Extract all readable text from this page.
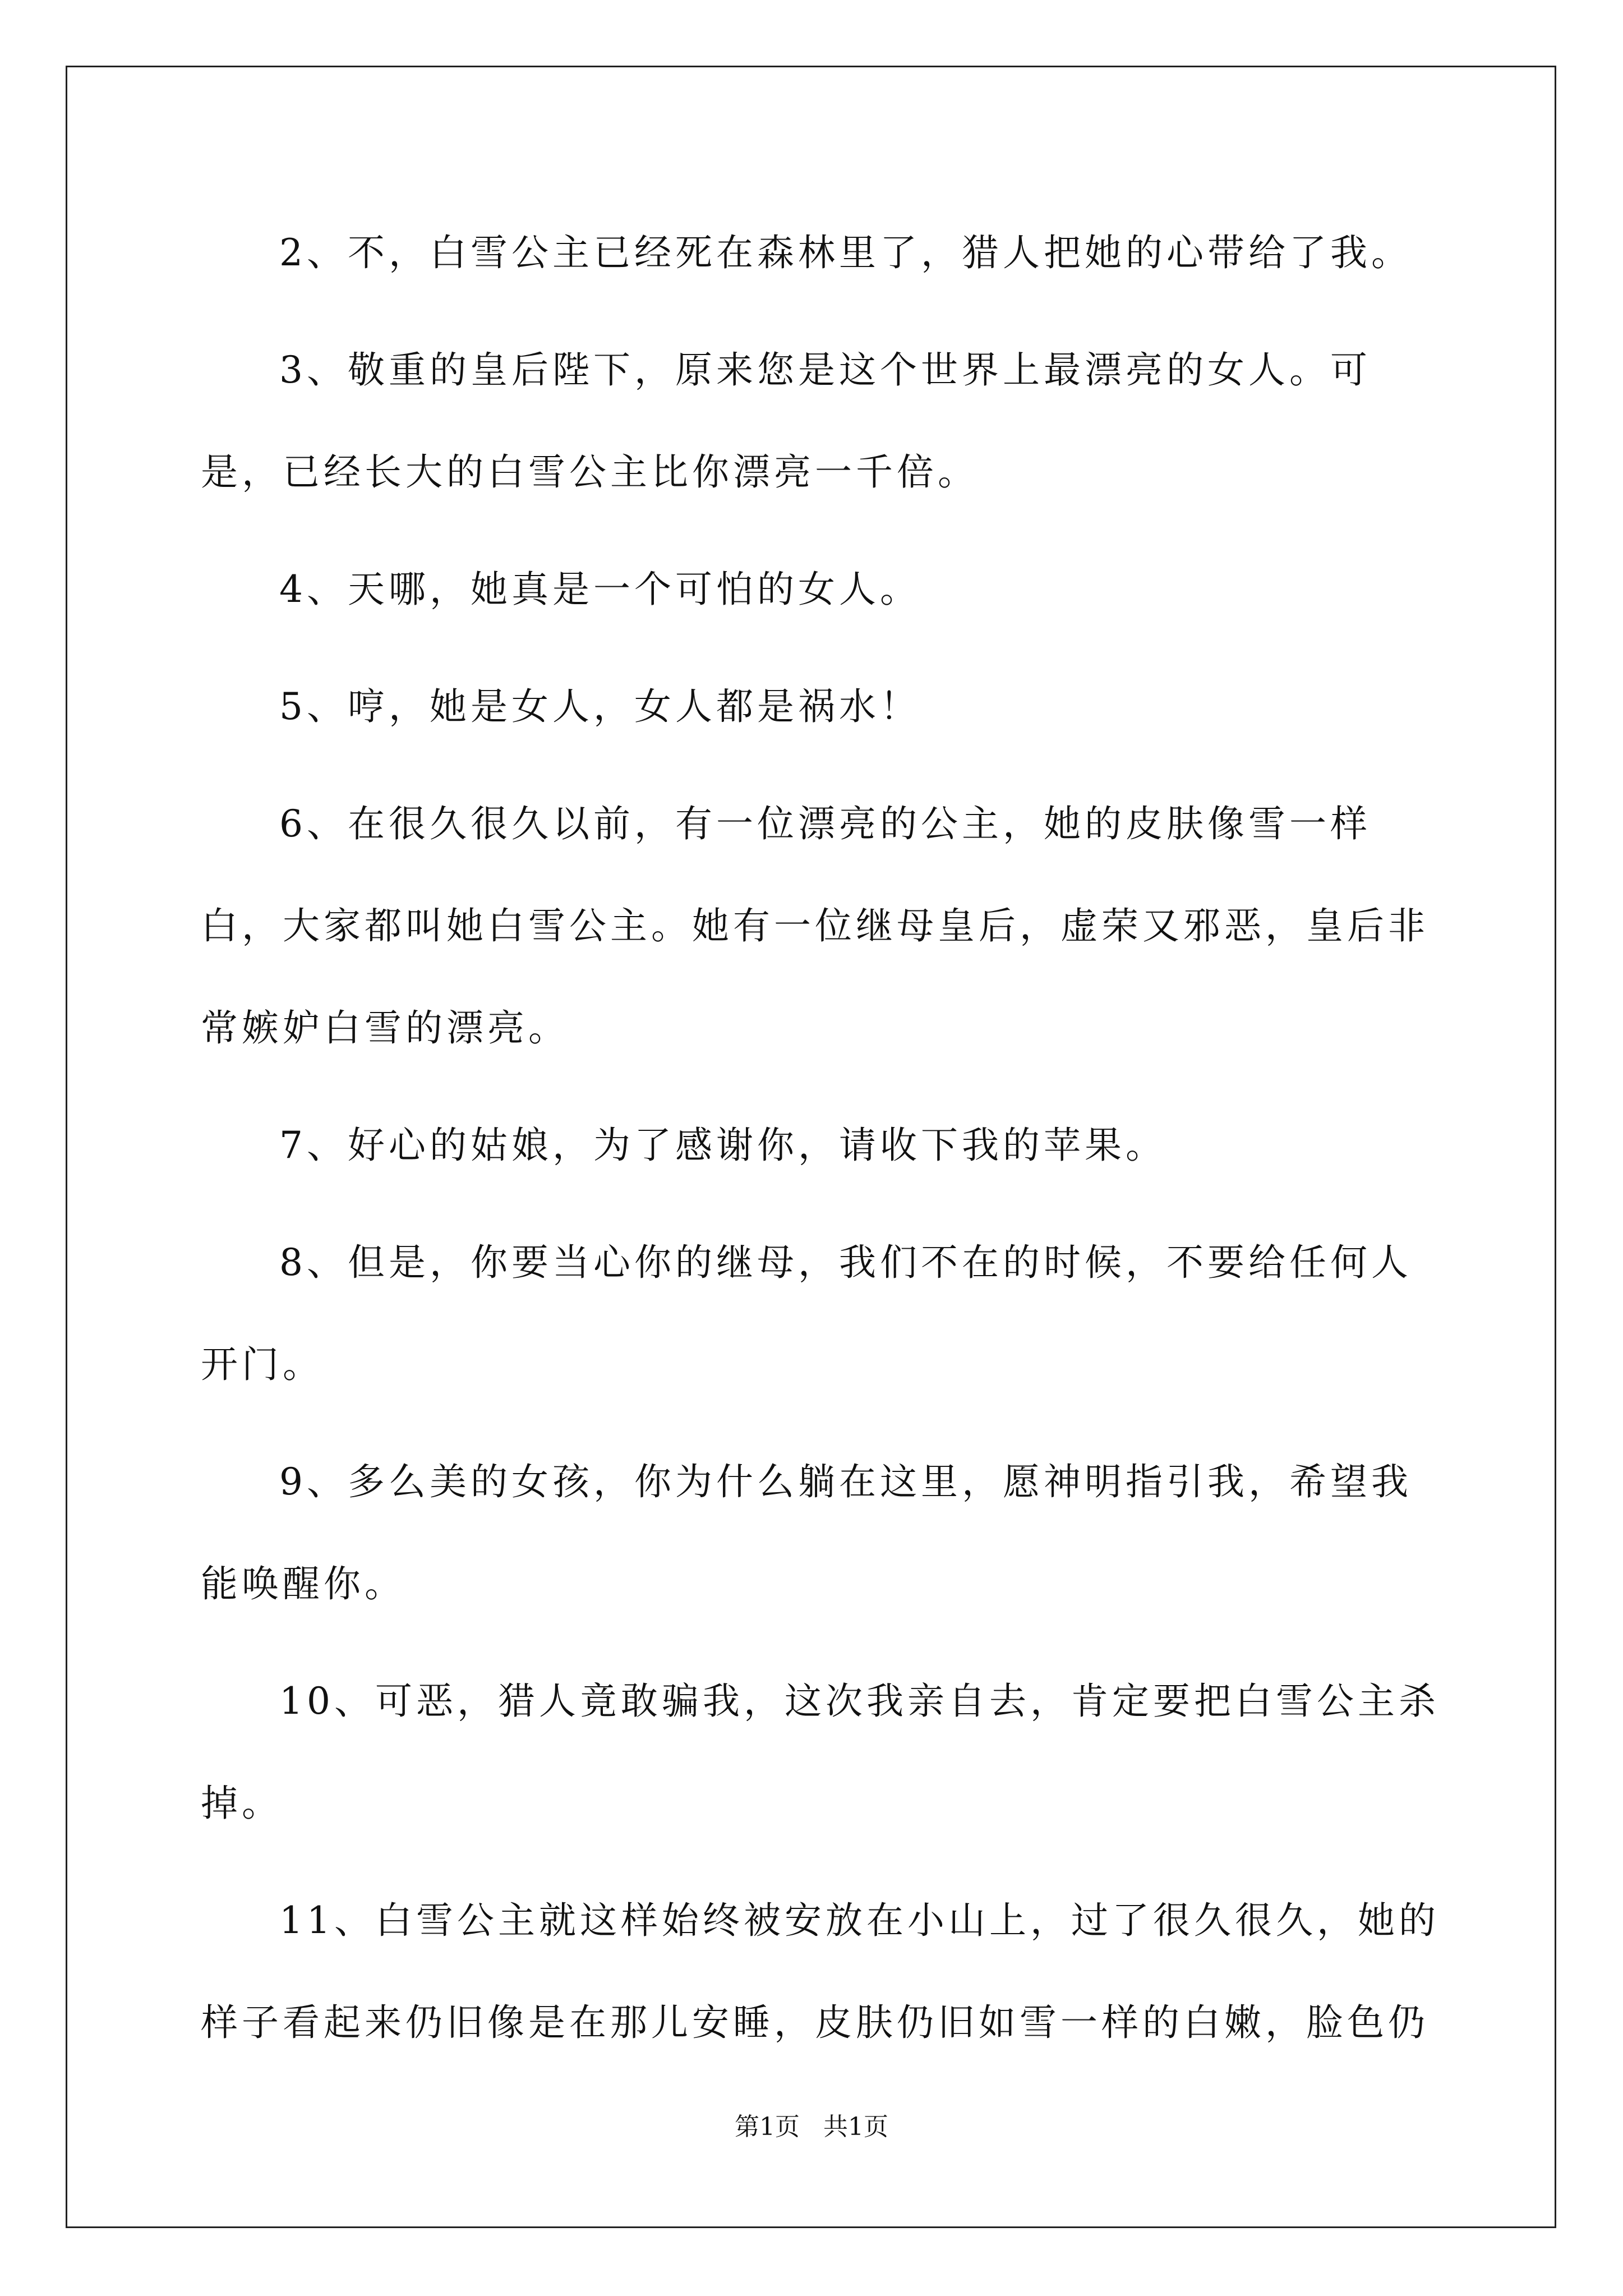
2、不，白雪公主已经死在森林里了，猎人把她的心带给了我。

3、敬重的皇后陛下，原来您是这个世界上最漂亮的女人。可是，已经长大的白雪公主比你漂亮一千倍。

4、天哪，她真是一个可怕的女人。

5、哼，她是女人，女人都是祸水！

6、在很久很久以前，有一位漂亮的公主，她的皮肤像雪一样白，大家都叫她白雪公主。她有一位继母皇后，虚荣又邪恶，皇后非常嫉妒白雪的漂亮。

7、好心的姑娘，为了感谢你，请收下我的苹果。

8、但是，你要当心你的继母，我们不在的时候，不要给任何人开门。

9、多么美的女孩，你为什么躺在这里，愿神明指引我，希望我能唤醒你。

10、可恶，猎人竟敢骗我，这次我亲自去，肯定要把白雪公主杀掉。

11、白雪公主就这样始终被安放在小山上，过了很久很久，她的样子看起来仍旧像是在那儿安睡，皮肤仍旧如雪一样的白嫩，脸色仍

第1页 共1页
